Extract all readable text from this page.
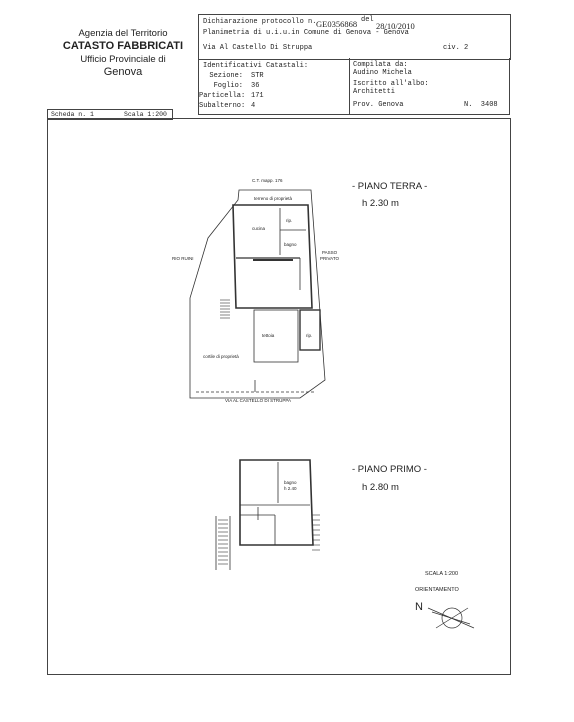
Agenzia del Territorio
CATASTO FABBRICATI
Ufficio Provinciale di
Genova
Scheda n. 1	Scala 1:200
Dichiarazione protocollo n. GE0356868 del
28/10/2010
Planimetria di u.i.u.in Comune di Genova - Genova
Via Al Castello Di Struppa	civ. 2
Identificativi Catastali:
Sezione: STR
Foglio: 36
Particella: 171
Subalterno: 4
Compilata da:
Audino Michela
Iscritto all'albo:
Architetti
Prov. Genova	N.  3408
- PIANO TERRA -
h 2.30 m
C.T. mapp. 176
terreno di proprietà
cucina
rip.
bagno
RIO RUINI
PASSO
PRIVATO
tettoia	rip.
cortile di proprietà
VIA AL CASTELLO DI STRUPPA
- PIANO PRIMO -
h 2.80 m
bagno
h 2.40
SCALA 1:200
ORIENTAMENTO
N
